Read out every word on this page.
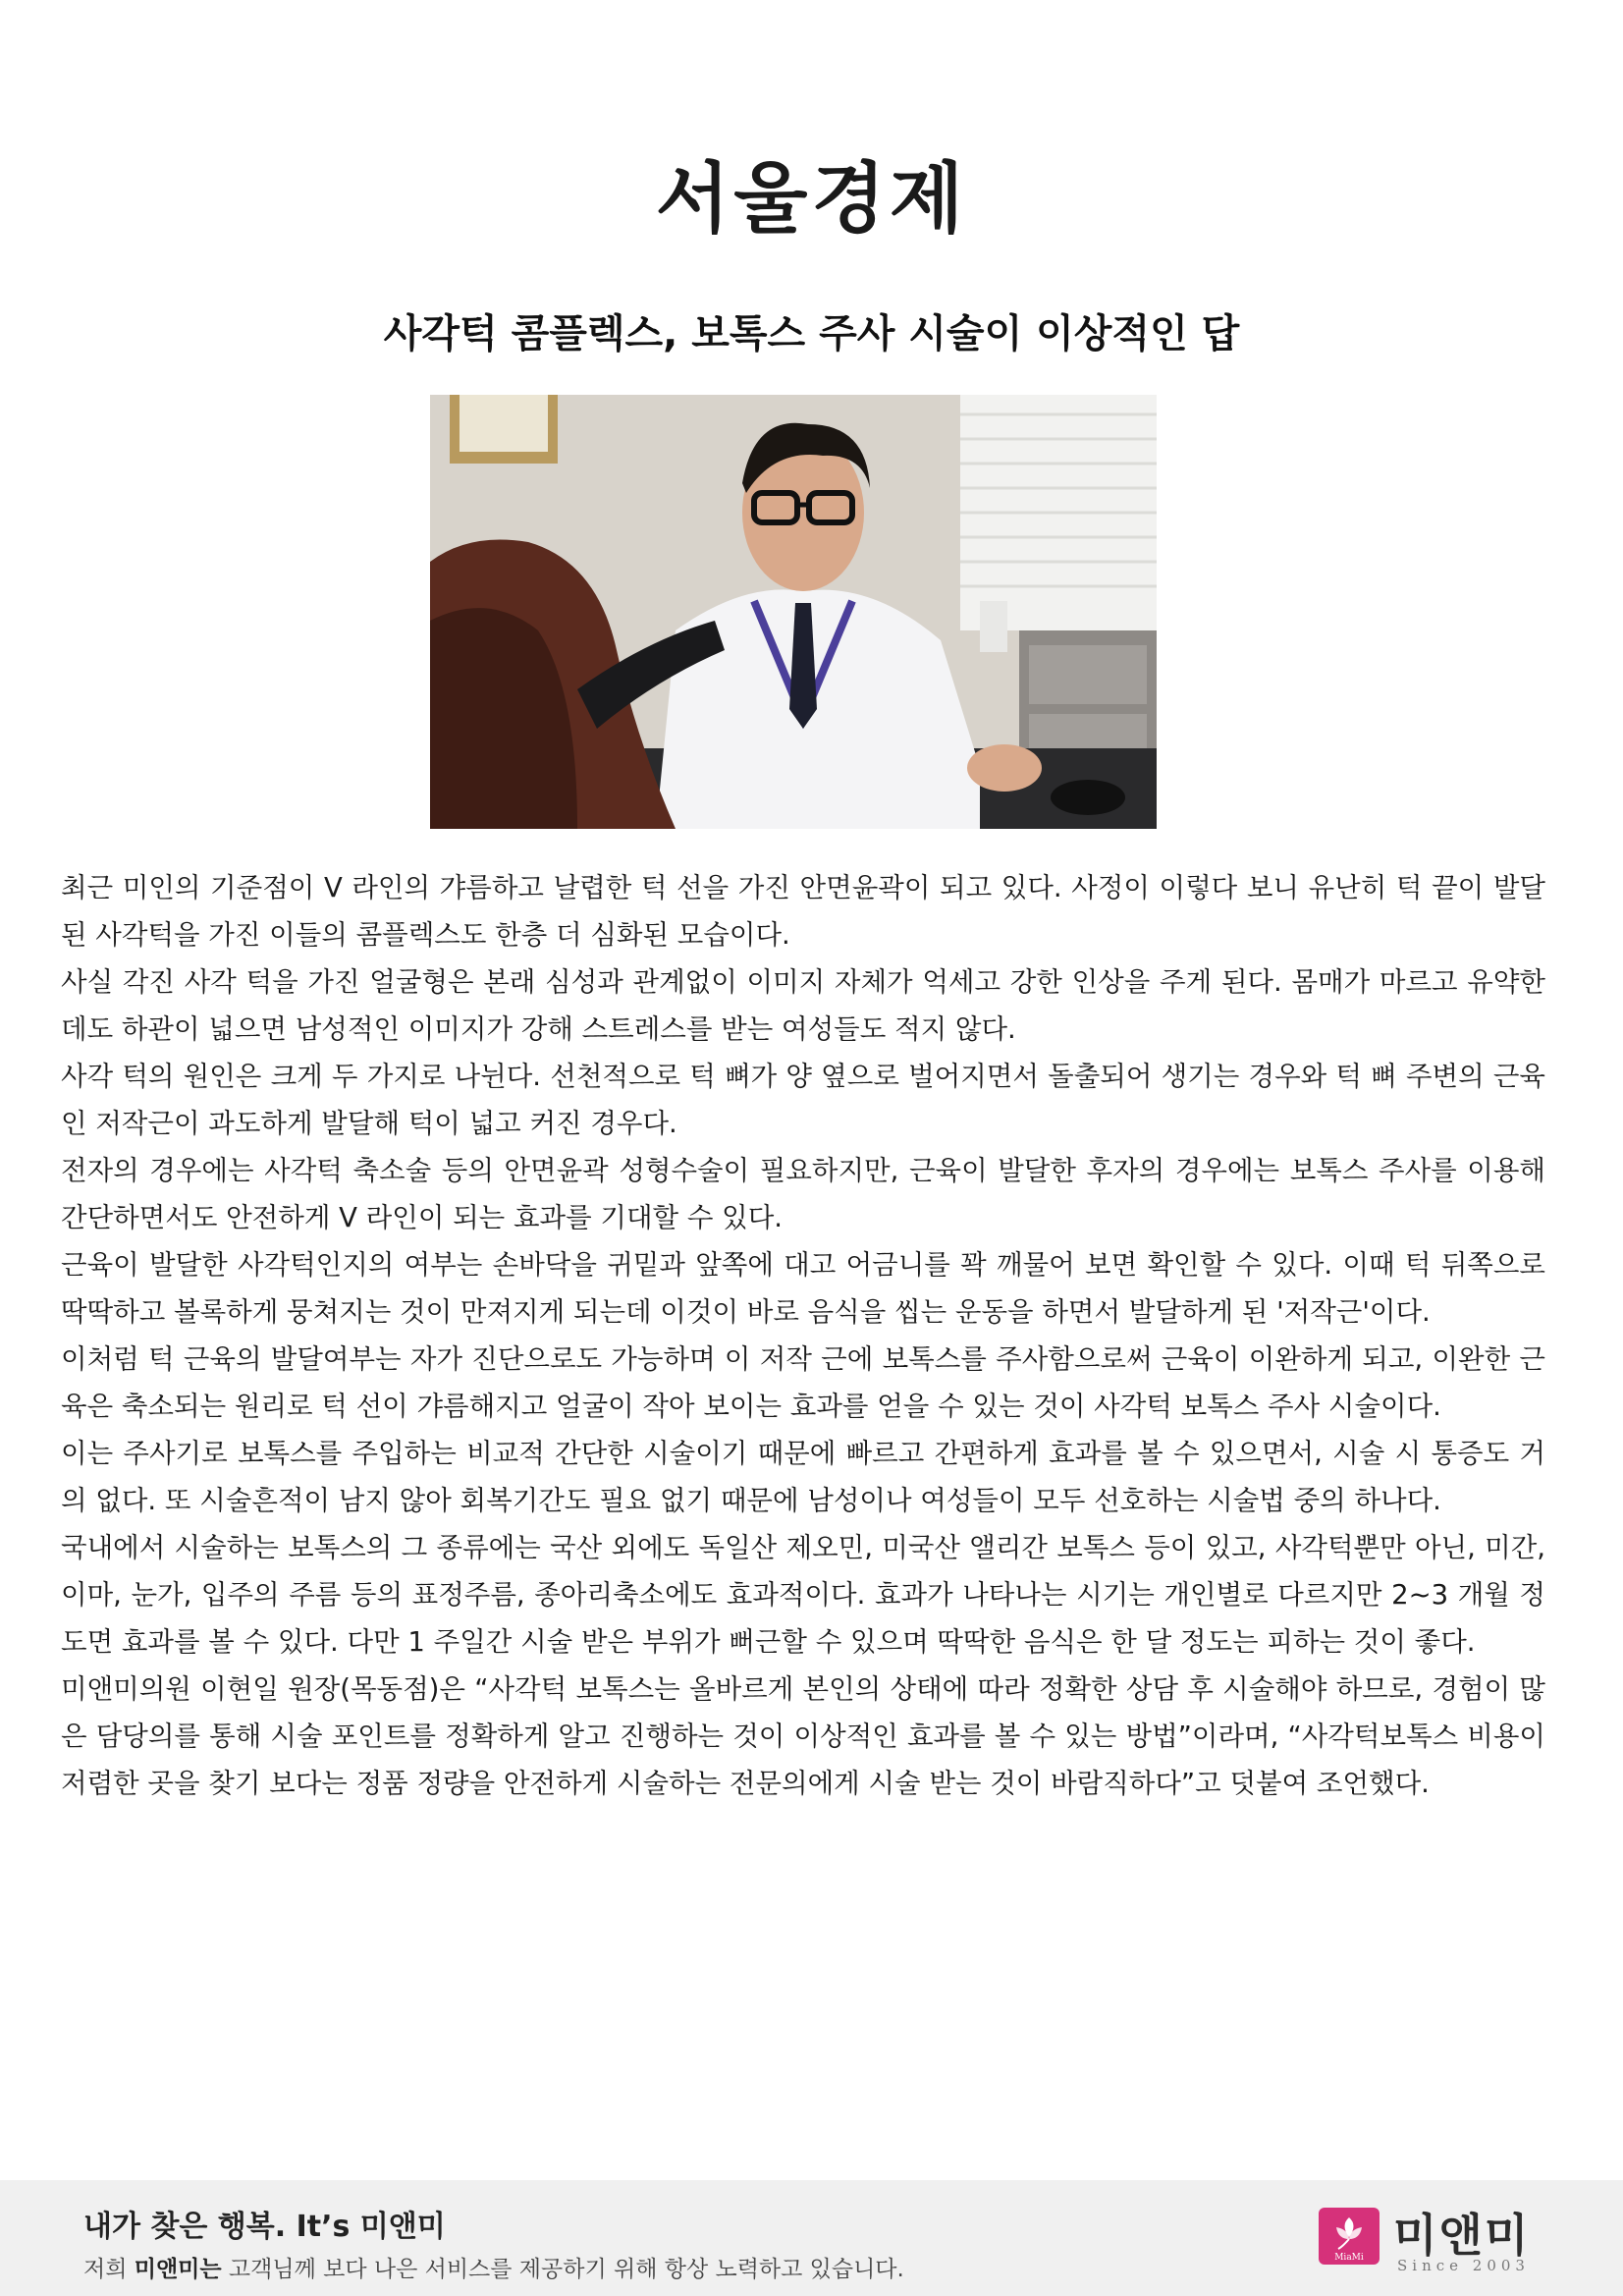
서울경제
사각턱 콤플렉스, 보톡스 주사 시술이 이상적인 답

최근 미인의 기준점이 V 라인의 갸름하고 날렵한 턱 선을 가진 안면윤곽이 되고 있다. 사정이 이렇다 보니 유난히 턱 끝이 발달된 사각턱을 가진 이들의 콤플렉스도 한층 더 심화된 모습이다.

사실 각진 사각 턱을 가진 얼굴형은 본래 심성과 관계없이 이미지 자체가 억세고 강한 인상을 주게 된다. 몸매가 마르고 유약한데도 하관이 넓으면 남성적인 이미지가 강해 스트레스를 받는 여성들도 적지 않다.

사각 턱의 원인은 크게 두 가지로 나뉜다. 선천적으로 턱 뼈가 양 옆으로 벌어지면서 돌출되어 생기는 경우와 턱 뼈 주변의 근육인 저작근이 과도하게 발달해 턱이 넓고 커진 경우다.

전자의 경우에는 사각턱 축소술 등의 안면윤곽 성형수술이 필요하지만, 근육이 발달한 후자의 경우에는 보톡스 주사를 이용해 간단하면서도 안전하게 V 라인이 되는 효과를 기대할 수 있다.

근육이 발달한 사각턱인지의 여부는 손바닥을 귀밑과 앞쪽에 대고 어금니를 꽉 깨물어 보면 확인할 수 있다. 이때 턱 뒤쪽으로 딱딱하고 볼록하게 뭉쳐지는 것이 만져지게 되는데 이것이 바로 음식을 씹는 운동을 하면서 발달하게 된 '저작근'이다.

이처럼 턱 근육의 발달여부는 자가 진단으로도 가능하며 이 저작 근에 보톡스를 주사함으로써 근육이 이완하게 되고, 이완한 근육은 축소되는 원리로 턱 선이 갸름해지고 얼굴이 작아 보이는 효과를 얻을 수 있는 것이 사각턱 보톡스 주사 시술이다.

이는 주사기로 보톡스를 주입하는 비교적 간단한 시술이기 때문에 빠르고 간편하게 효과를 볼 수 있으면서, 시술 시 통증도 거의 없다. 또 시술흔적이 남지 않아 회복기간도 필요 없기 때문에 남성이나 여성들이 모두 선호하는 시술법 중의 하나다.

국내에서 시술하는 보톡스의 그 종류에는 국산 외에도 독일산 제오민, 미국산 앨리간 보톡스 등이 있고, 사각턱뿐만 아닌, 미간, 이마, 눈가, 입주의 주름 등의 표정주름, 종아리축소에도 효과적이다. 효과가 나타나는 시기는 개인별로 다르지만 2~3 개월 정도면 효과를 볼 수 있다. 다만 1 주일간 시술 받은 부위가 뻐근할 수 있으며 딱딱한 음식은 한 달 정도는 피하는 것이 좋다.

미앤미의원 이현일 원장(목동점)은 “사각턱 보톡스는 올바르게 본인의 상태에 따라 정확한 상담 후 시술해야 하므로, 경험이 많은 담당의를 통해 시술 포인트를 정확하게 알고 진행하는 것이 이상적인 효과를 볼 수 있는 방법”이라며, “사각턱보톡스 비용이 저렴한 곳을 찾기 보다는 정품 정량을 안전하게 시술하는 전문의에게 시술 받는 것이 바람직하다”고 덧붙여 조언했다.

내가 찾은 행복. It’s 미앤미
저희 미앤미는 고객님께 보다 나은 서비스를 제공하기 위해 항상 노력하고 있습니다.	MiaMi 미앤미
Since 2003
